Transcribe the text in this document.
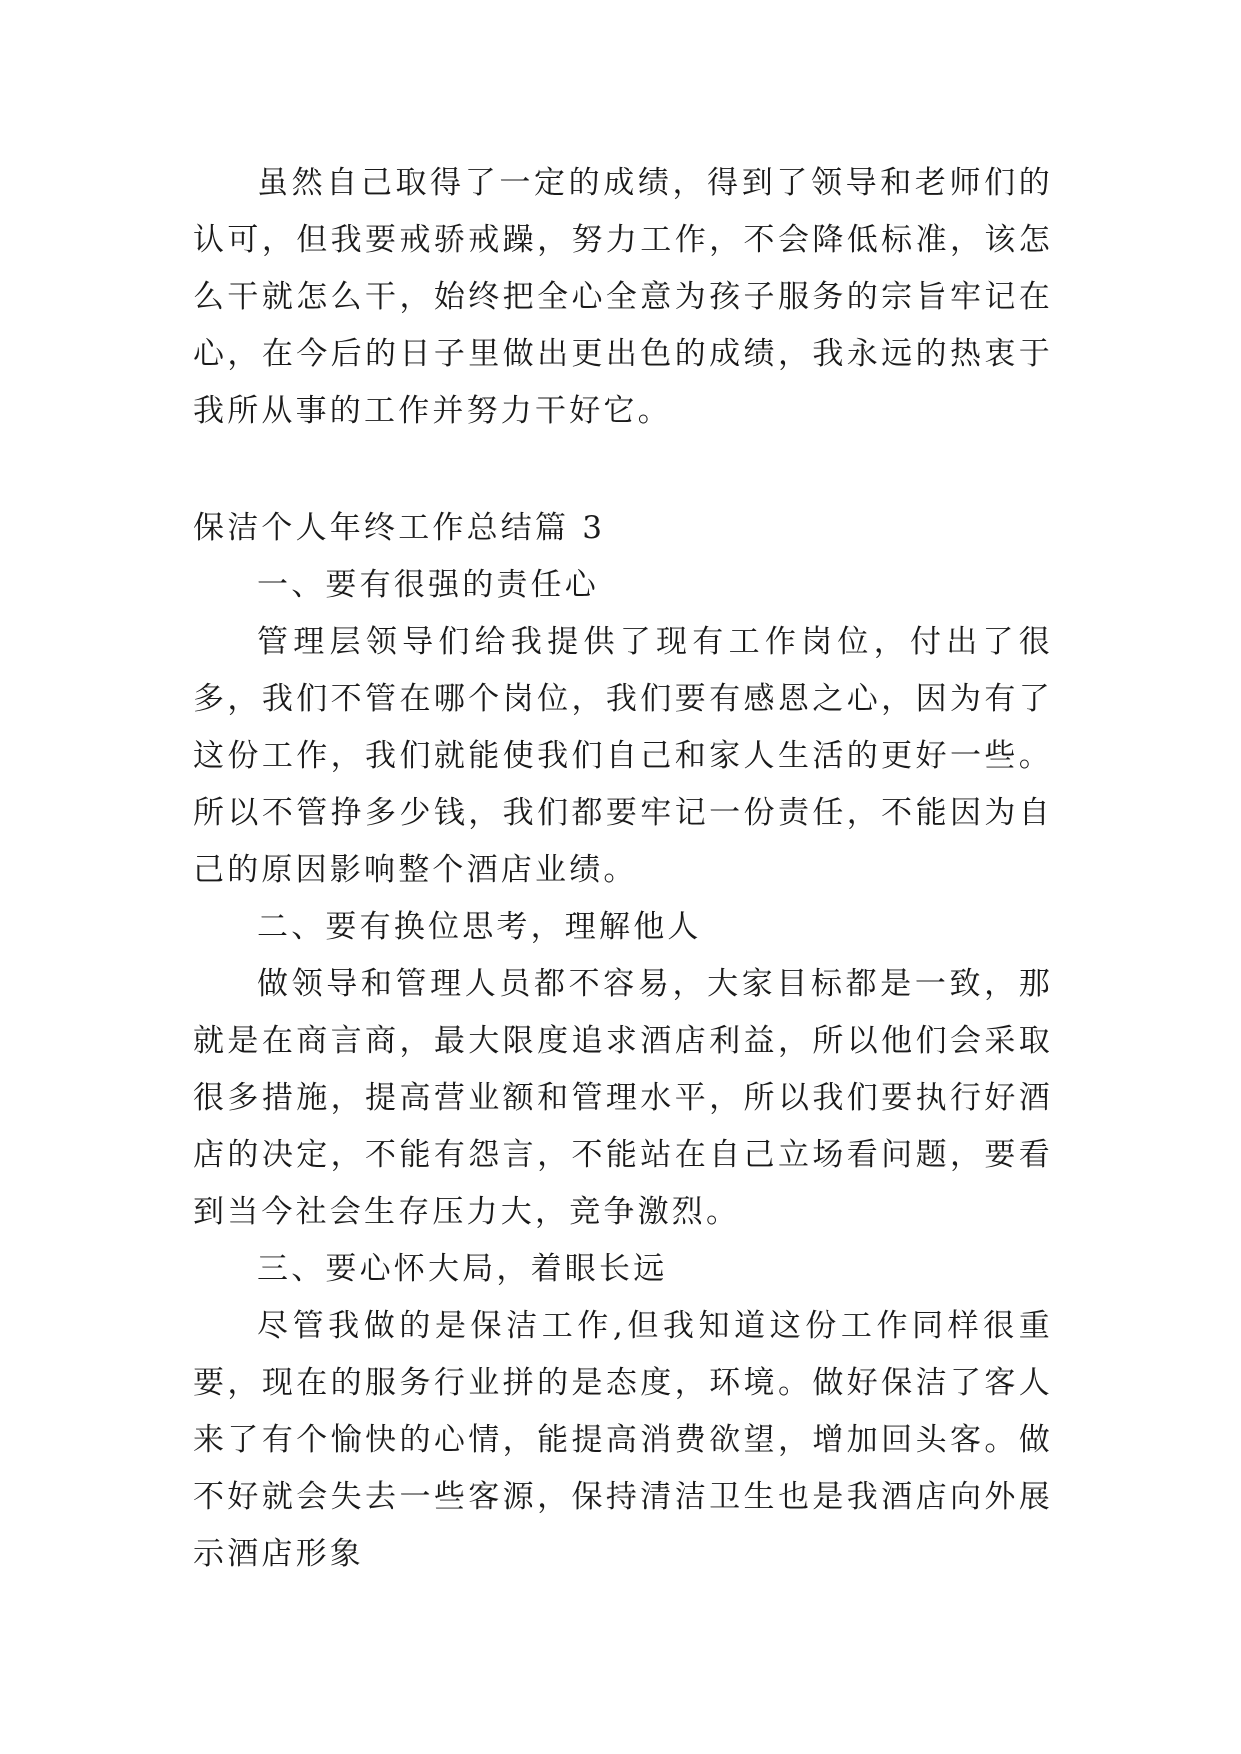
虽然自己取得了一定的成绩，得到了领导和老师们的认可，但我要戒骄戒躁，努力工作，不会降低标准，该怎么干就怎么干，始终把全心全意为孩子服务的宗旨牢记在心，在今后的日子里做出更出色的成绩，我永远的热衷于我所从事的工作并努力干好它。

保洁个人年终工作总结篇 3

一、要有很强的责任心

管理层领导们给我提供了现有工作岗位，付出了很多，我们不管在哪个岗位，我们要有感恩之心，因为有了这份工作，我们就能使我们自己和家人生活的更好一些。所以不管挣多少钱，我们都要牢记一份责任，不能因为自己的原因影响整个酒店业绩。

二、要有换位思考，理解他人

做领导和管理人员都不容易，大家目标都是一致，那就是在商言商，最大限度追求酒店利益，所以他们会采取很多措施，提高营业额和管理水平，所以我们要执行好酒店的决定，不能有怨言，不能站在自己立场看问题，要看到当今社会生存压力大，竞争激烈。

三、要心怀大局，着眼长远

尽管我做的是保洁工作,但我知道这份工作同样很重要，现在的服务行业拼的是态度，环境。做好保洁了客人来了有个愉快的心情，能提高消费欲望，增加回头客。做不好就会失去一些客源，保持清洁卫生也是我酒店向外展示酒店形象
